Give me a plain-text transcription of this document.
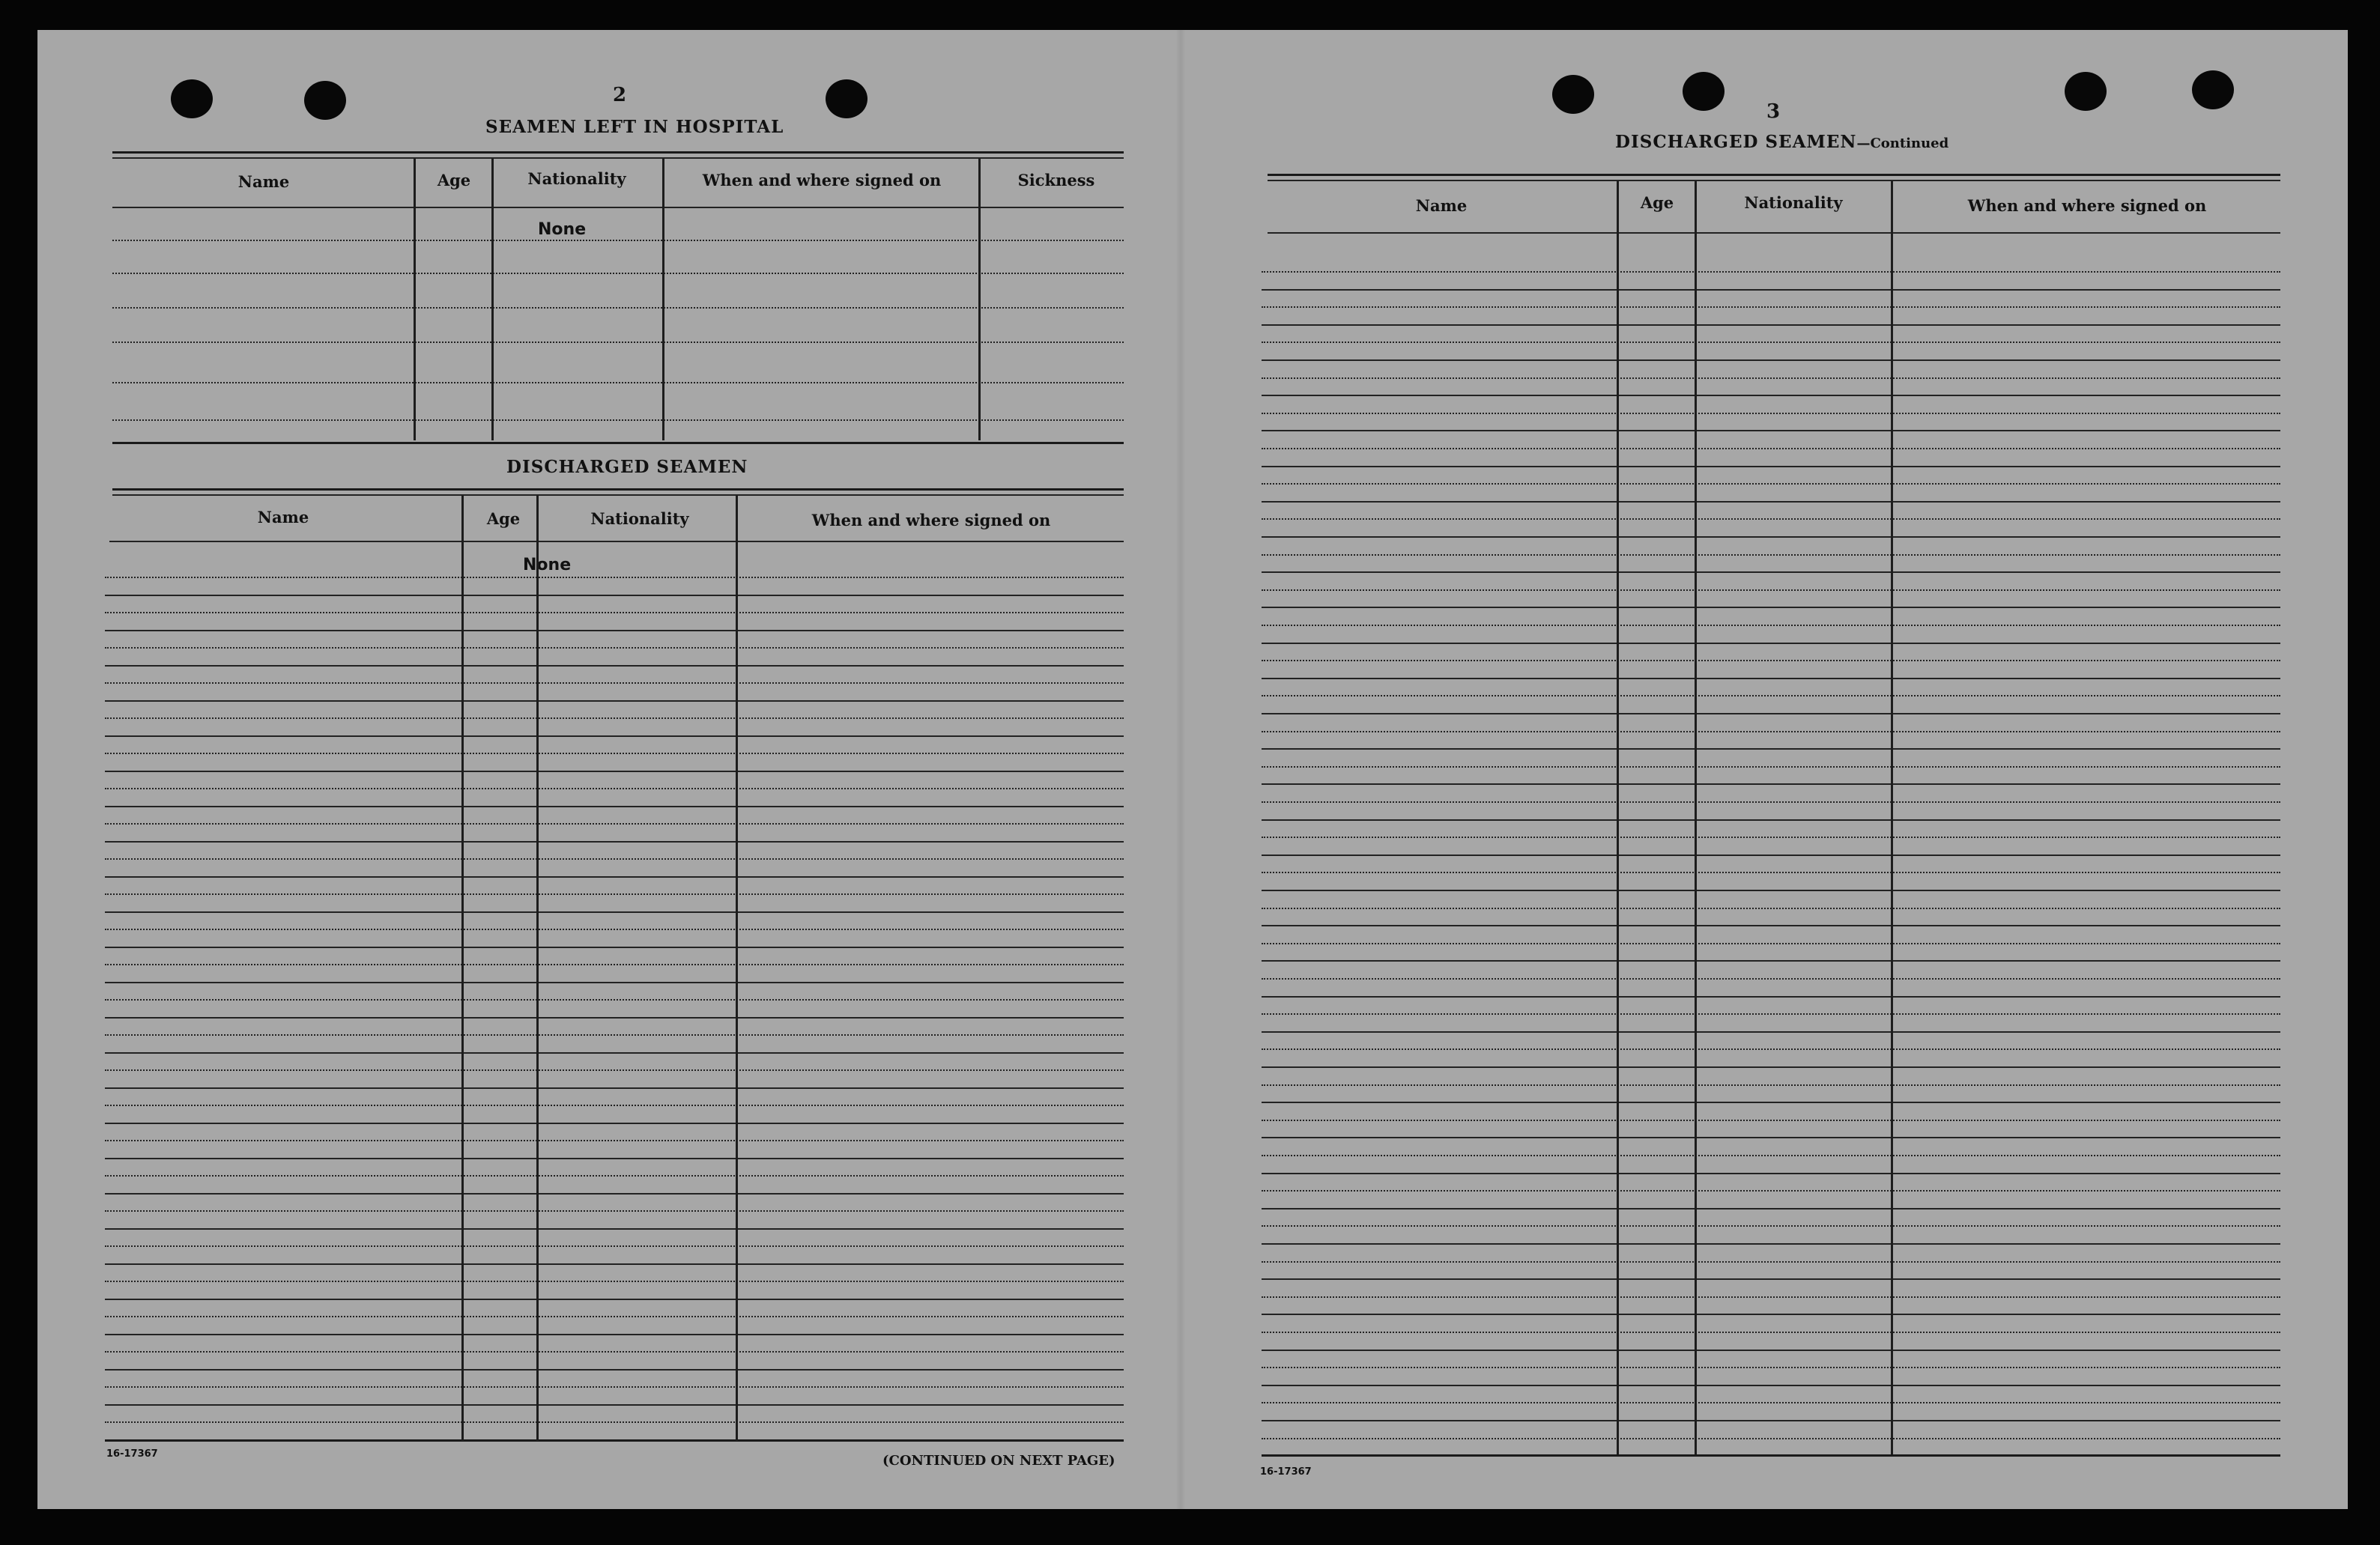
2
SEAMEN LEFT IN HOSPITAL
Name	Age	Nationality	When and where signed on	Sickness
None
DISCHARGED SEAMEN
Name	Age	Nationality	When and where signed on
None
16-17367	(CONTINUED ON NEXT PAGE)
3
DISCHARGED SEAMEN—Continued
Name	Age	Nationality	When and where signed on
16-17367
